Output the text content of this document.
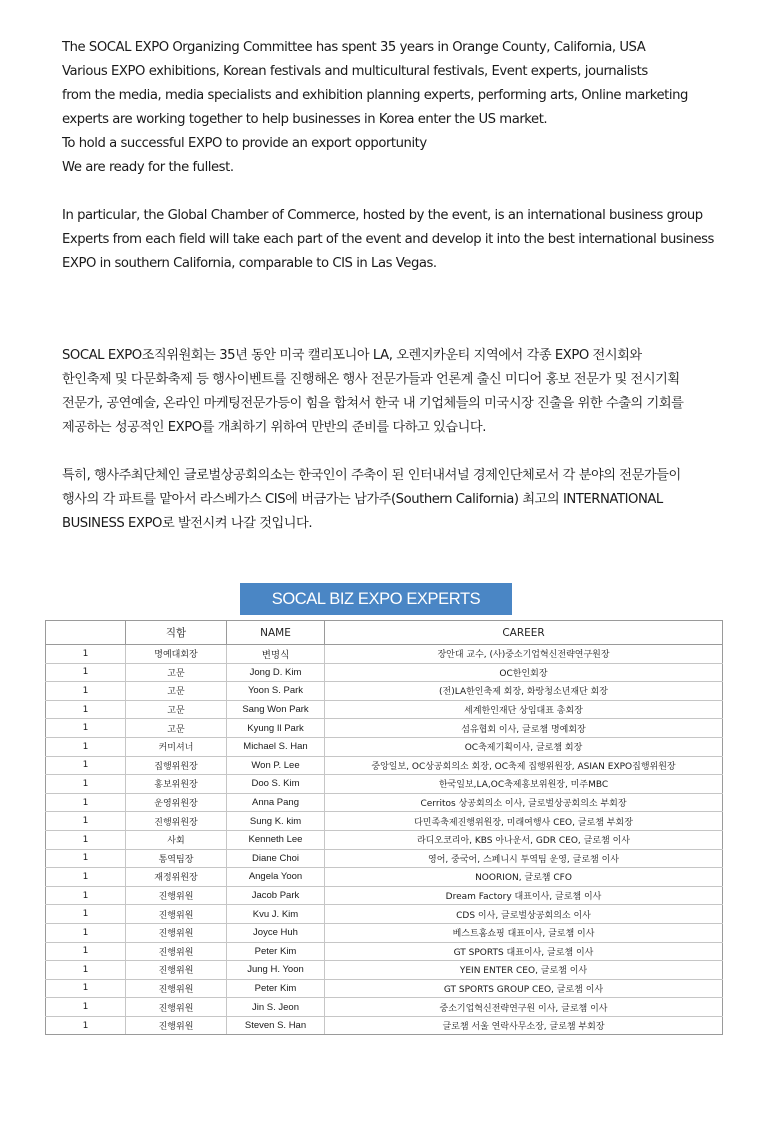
The SOCAL EXPO Organizing Committee has spent 35 years in Orange County, California, USA
Various EXPO exhibitions, Korean festivals and multicultural festivals, Event experts, journalists
from the media, media specialists and exhibition planning experts, performing arts, Online marketing
experts are working together to help businesses in Korea enter the US market.
To hold a successful EXPO to provide an export opportunity
We are ready for the fullest.
In particular, the Global Chamber of Commerce, hosted by the event, is an international business group
Experts from each field will take each part of the event and develop it into the best international business
EXPO in southern California, comparable to CIS in Las Vegas.
SOCAL EXPO조직위원회는 35년 동안 미국 캘리포니아 LA, 오렌지카운티 지역에서 각종 EXPO 전시회와
한인축제 및 다문화축제 등 행사이벤트를 진행해온 행사 전문가들과 언론계 출신 미디어 홍보 전문가 및 전시기획
전문가, 공연예술, 온라인 마케팅전문가등이 힘을 합쳐서 한국 내 기업체들의 미국시장 진출을 위한 수출의 기회를
제공하는 성공적인 EXPO를 개최하기 위하여 만반의 준비를 다하고 있습니다.
특히, 행사주최단체인 글로벌상공회의소는 한국인이 주축이 된 인터내셔널 경제인단체로서 각 분야의 전문가들이
행사의 각 파트를 맡아서 라스베가스 CIS에 버금가는 남가주(Southern California) 최고의 INTERNATIONAL
BUSINESS EXPO로 발전시켜 나갈 것입니다.
SOCAL BIZ EXPO EXPERTS
	직함	NAME	CAREER
1	명예대회장	변명식	장안대 교수, (사)중소기업혁신전략연구원장
1	고문	Jong D. Kim	OC한인회장
1	고문	Yoon S. Park	(전)LA한인축제 회장, 화랑청소년재단 회장
1	고문	Sang Won Park	세계한인재단 상임대표 총회장
1	고문	Kyung Il Park	섬유협회 이사, 글로챔 명예회장
1	커미셔너	Michael S. Han	OC축제기획이사, 글로챔 회장
1	집행위원장	Won P. Lee	중앙일보, OC상공회의소 회장, OC축제 집행위원장, ASIAN EXPO집행위원장
1	홍보위원장	Doo S. Kim	한국일보,LA,OC축제홍보위원장, 미주MBC
1	운영위원장	Anna Pang	Cerritos 상공회의소 이사, 글로벌상공회의소 부회장
1	진행위원장	Sung K. kim	다민족축제진행위원장, 미래여행사 CEO, 글로챔 부회장
1	사회	Kenneth Lee	라디오코리아, KBS 아나운서, GDR CEO, 글로챔 이사
1	통역팀장	Diane Choi	영어, 중국어, 스페니시 투역팀 운영, 글로챔 이사
1	재정위원장	Angela Yoon	NOORION, 글로챔 CFO
1	진행위원	Jacob Park	Dream Factory 대표이사, 글로챔 이사
1	진행위원	Kvu J. Kim	CDS 이사, 글로벌상공회의소 이사
1	진행위원	Joyce Huh	베스트홈쇼핑 대표이사, 글로챔 이사
1	진행위원	Peter Kim	GT SPORTS 대표이사, 글로챔 이사
1	진행위원	Jung H. Yoon	YEIN ENTER CEO, 글로챔 이사
1	진행위원	Peter Kim	GT SPORTS GROUP CEO, 글로챔 이사
1	진행위원	Jin S. Jeon	중소기업혁신전략연구원 이사, 글로챔 이사
1	진행위원	Steven S. Han	글로챔 서울 연락사무소장, 글로챔 부회장
